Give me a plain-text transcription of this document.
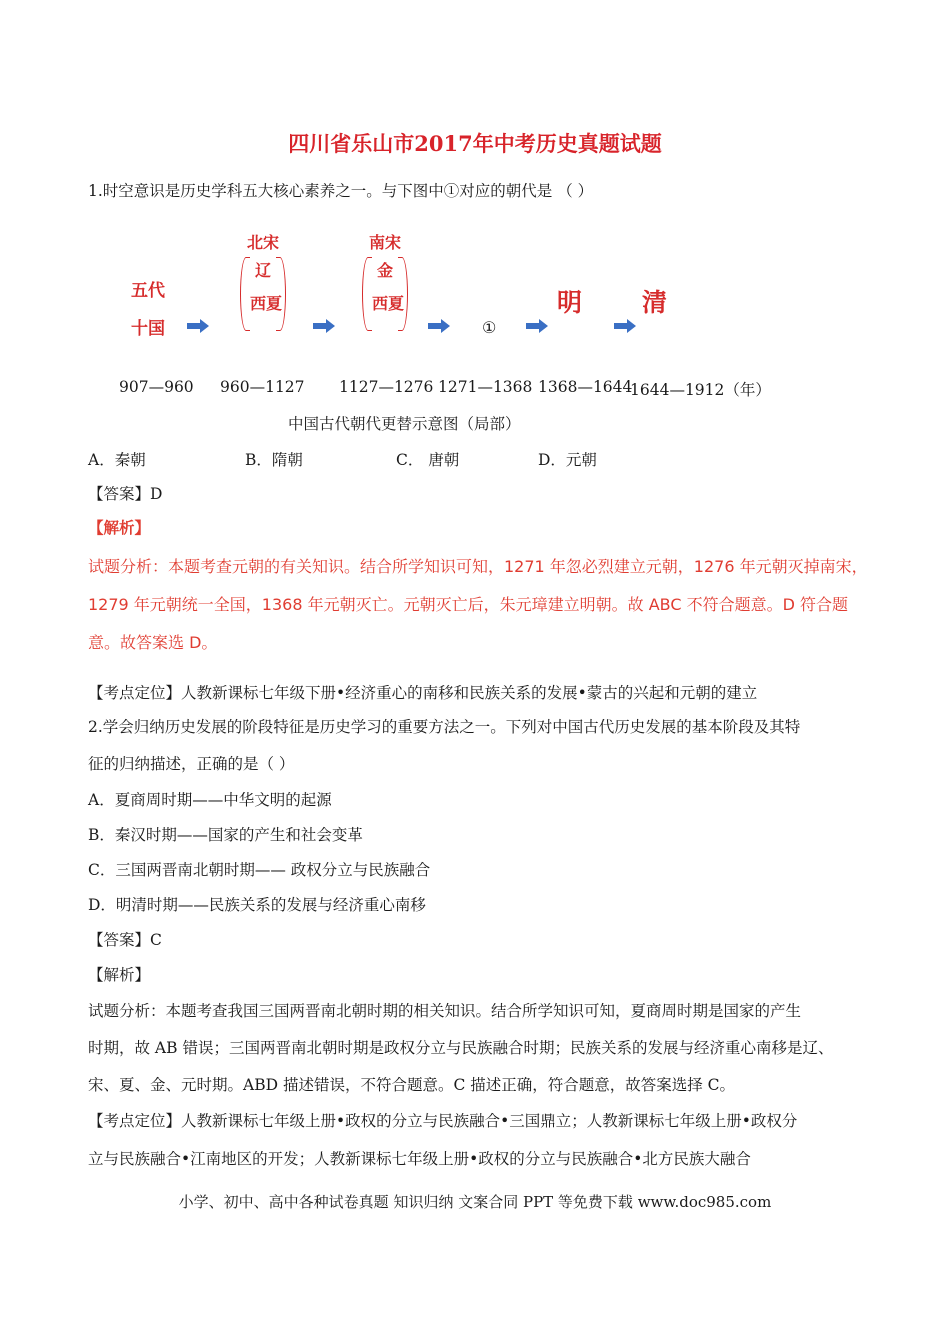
四川省乐山市2017年中考历史真题试题
1.时空意识是历史学科五大核心素养之一。与下图中①对应的朝代是 （ ）
五代
十国
北宋
辽
西夏
南宋
金
西夏
①
明 清
907—960 960—1127 1127—1276 1271—1368 1368—1644
1644—1912（年）
中国古代朝代更替示意图（局部）
A．秦朝	B．隋朝	C． 唐朝	D．元朝
【答案】D
【解析】
试题分析：本题考查元朝的有关知识。结合所学知识可知，1271 年忽必烈建立元朝，1276 年元朝灭掉南宋，
1279 年元朝统一全国，1368 年元朝灭亡。元朝灭亡后，朱元璋建立明朝。故 ABC 不符合题意。D 符合题
意。故答案选 D。
【考点定位】人教新课标七年级下册•经济重心的南移和民族关系的发展•蒙古的兴起和元朝的建立
2.学会归纳历史发展的阶段特征是历史学习的重要方法之一。下列对中国古代历史发展的基本阶段及其特
征的归纳描述，正确的是（ ）
A．夏商周时期——中华文明的起源
B．秦汉时期——国家的产生和社会变革
C．三国两晋南北朝时期—— 政权分立与民族融合
D．明清时期——民族关系的发展与经济重心南移
【答案】C
【解析】
试题分析：本题考查我国三国两晋南北朝时期的相关知识。结合所学知识可知，夏商周时期是国家的产生
时期，故 AB 错误；三国两晋南北朝时期是政权分立与民族融合时期；民族关系的发展与经济重心南移是辽、
宋、夏、金、元时期。ABD 描述错误，不符合题意。C 描述正确，符合题意，故答案选择 C。
【考点定位】人教新课标七年级上册•政权的分立与民族融合•三国鼎立；人教新课标七年级上册•政权分
立与民族融合•江南地区的开发；人教新课标七年级上册•政权的分立与民族融合•北方民族大融合
小学、初中、高中各种试卷真题 知识归纳 文案合同 PPT 等免费下载 www.doc985.com
